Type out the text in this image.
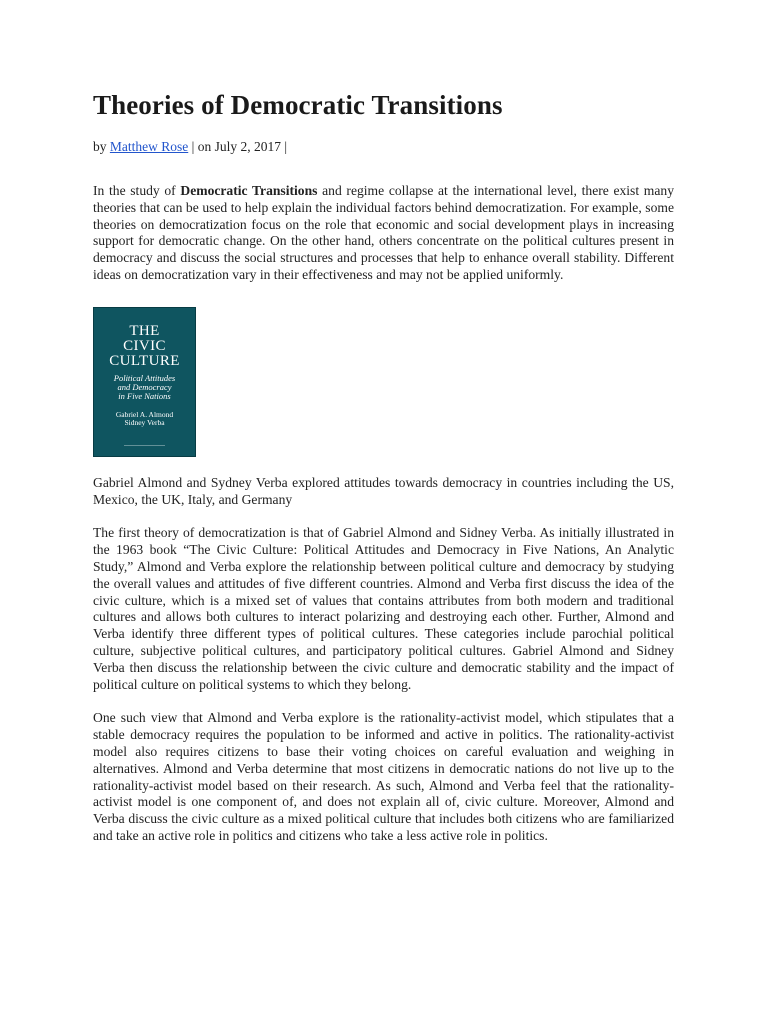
Theories of Democratic Transitions
by Matthew Rose | on July 2, 2017 |

In the study of Democratic Transitions and regime collapse at the international level, there exist many theories that can be used to help explain the individual factors behind democratization. For example, some theories on democratization focus on the role that economic and social development plays in increasing support for democratic change. On the other hand, others concentrate on the political cultures present in democracy and discuss the social structures and processes that help to enhance overall stability. Different ideas on democratization vary in their effectiveness and may not be applied uniformly.

THE
CIVIC
CULTURE
Political Attitudes
and Democracy
in Five Nations
Gabriel A. Almond
Sidney Verba

Gabriel Almond and Sydney Verba explored attitudes towards democracy in countries including the US, Mexico, the UK, Italy, and Germany

The first theory of democratization is that of Gabriel Almond and Sidney Verba. As initially illustrated in the 1963 book “The Civic Culture: Political Attitudes and Democracy in Five Nations, An Analytic Study,” Almond and Verba explore the relationship between political culture and democracy by studying the overall values and attitudes of five different countries. Almond and Verba first discuss the idea of the civic culture, which is a mixed set of values that contains attributes from both modern and traditional cultures and allows both cultures to interact polarizing and destroying each other. Further, Almond and Verba identify three different types of political cultures. These categories include parochial political culture, subjective political cultures, and participatory political cultures. Gabriel Almond and Sidney Verba then discuss the relationship between the civic culture and democratic stability and the impact of political culture on political systems to which they belong.

One such view that Almond and Verba explore is the rationality-activist model, which stipulates that a stable democracy requires the population to be informed and active in politics. The rationality-activist model also requires citizens to base their voting choices on careful evaluation and weighing in alternatives. Almond and Verba determine that most citizens in democratic nations do not live up to the rationality-activist model based on their research. As such, Almond and Verba feel that the rationality-activist model is one component of, and does not explain all of, civic culture. Moreover, Almond and Verba discuss the civic culture as a mixed political culture that includes both citizens who are familiarized and take an active role in politics and citizens who take a less active role in politics.
